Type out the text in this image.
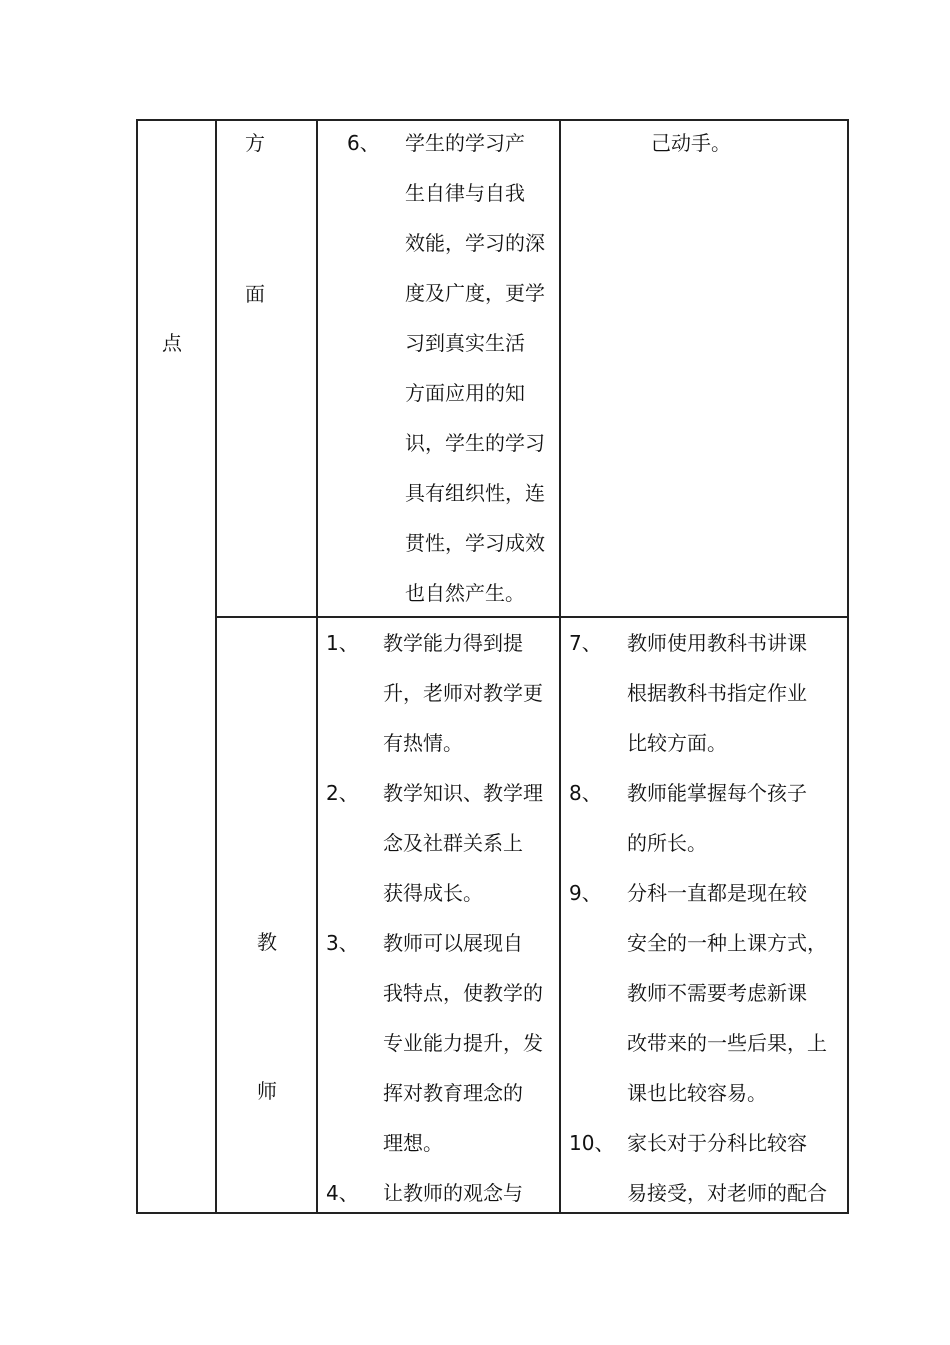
点
方
面
教
师
6、 学生的学习产
生自律与自我
效能，学习的深
度及广度，更学
习到真实生活
方面应用的知
识，学生的学习
具有组织性，连
贯性，学习成效
也自然产生。
己动手。
1、 教学能力得到提
升，老师对教学更
有热情。
2、 教学知识、教学理
念及社群关系上
获得成长。
3、 教师可以展现自
我特点，使教学的
专业能力提升，发
挥对教育理念的
理想。
4、 让教师的观念与
7、 教师使用教科书讲课
根据教科书指定作业
比较方面。
8、 教师能掌握每个孩子
的所长。
9、 分科一直都是现在较
安全的一种上课方式，
教师不需要考虑新课
改带来的一些后果，上
课也比较容易。
10、 家长对于分科比较容
易接受，对老师的配合
